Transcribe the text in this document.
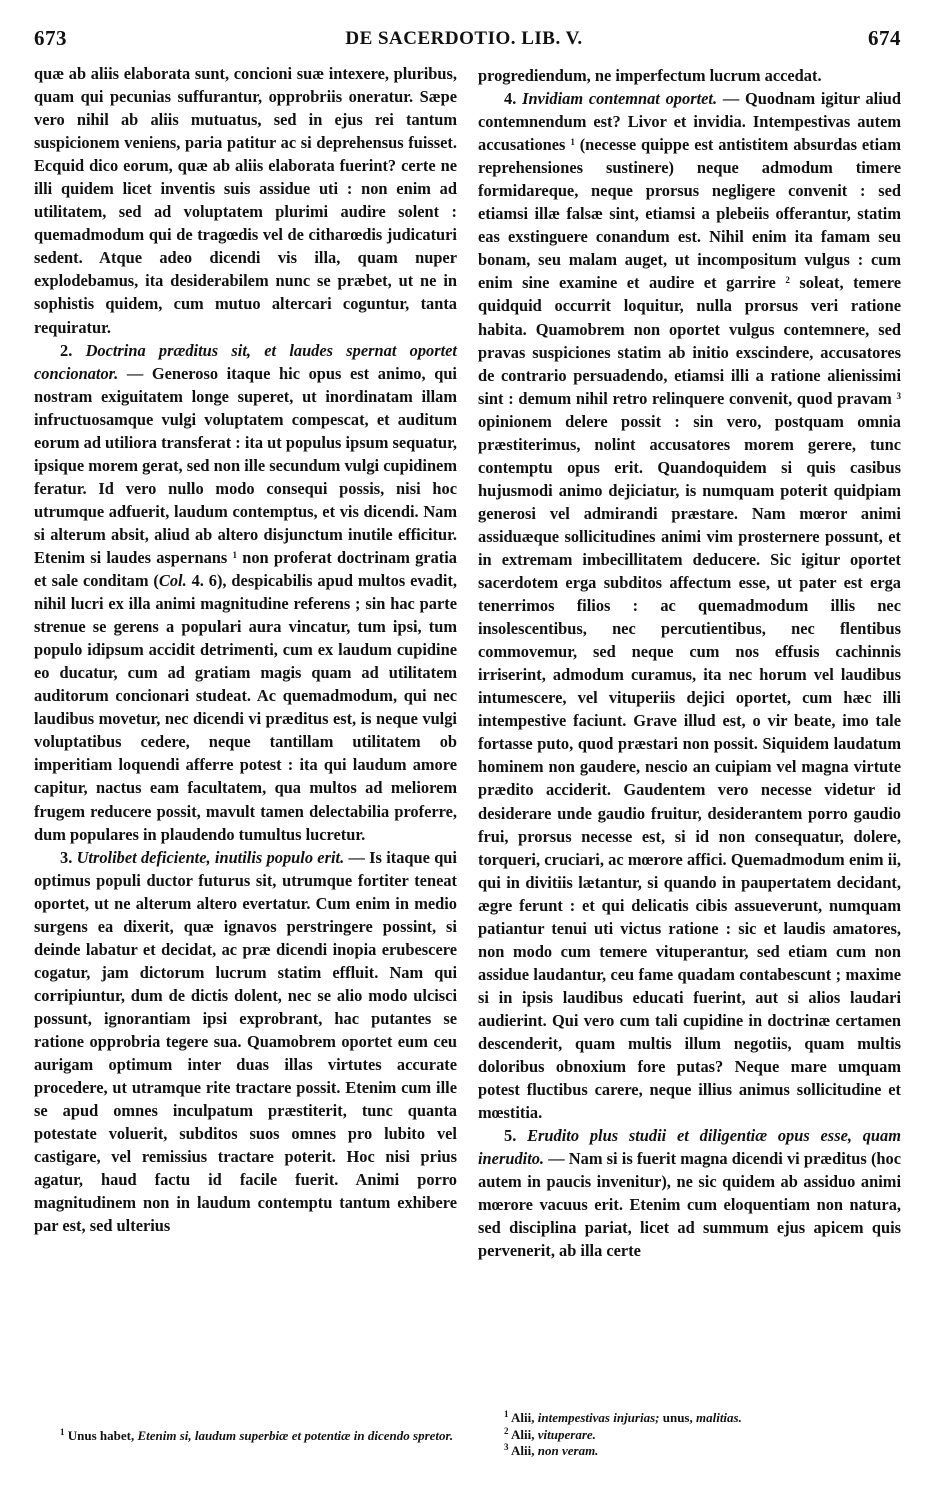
673	DE SACERDOTIO. LIB. V.	674

quæ ab aliis elaborata sunt, concioni suæ intexere, pluribus, quam qui pecunias suffurantur, opprobriis oneratur. Sæpe vero nihil ab aliis mutuatus, sed in ejus rei tantum suspicionem veniens, paria patitur ac si deprehensus fuisset. Ecquid dico eorum, quæ ab aliis elaborata fuerint? certe ne illi quidem licet inventis suis assidue uti : non enim ad utilitatem, sed ad voluptatem plurimi audire solent : quemadmodum qui de tragœdis vel de citharœdis judicaturi sedent. Atque adeo dicendi vis illa, quam nuper explodebamus, ita desiderabilem nunc se præbet, ut ne in sophistis quidem, cum mutuo altercari coguntur, tanta requiratur.

2. Doctrina præditus sit, et laudes spernat oportet concionator. — Generoso itaque hic opus est animo, qui nostram exiguitatem longe superet, ut inordinatam illam infructuosamque vulgi voluptatem compescat, et auditum eorum ad utiliora transferat : ita ut populus ipsum sequatur, ipsique morem gerat, sed non ille secundum vulgi cupidinem feratur. Id vero nullo modo consequi possis, nisi hoc utrumque adfuerit, laudum contemptus, et vis dicendi. Nam si alterum absit, aliud ab altero disjunctum inutile efficitur. Etenim si laudes aspernans $^1$ non proferat doctrinam gratia et sale conditam (Col. 4. 6), despicabilis apud multos evadit, nihil lucri ex illa animi magnitudine referens ; sin hac parte strenue se gerens a populari aura vincatur, tum ipsi, tum populo idipsum accidit detrimenti, cum ex laudum cupidine eo ducatur, cum ad gratiam magis quam ad utilitatem auditorum concionari studeat. Ac quemadmodum, qui nec laudibus movetur, nec dicendi vi præditus est, is neque vulgi voluptatibus cedere, neque tantillam utilitatem ob imperitiam loquendi afferre potest : ita qui laudum amore capitur, nactus eam facultatem, qua multos ad meliorem frugem reducere possit, mavult tamen delectabilia proferre, dum populares in plaudendo tumultus lucretur.

3. Utrolibet deficiente, inutilis populo erit. — Is itaque qui optimus populi ductor futurus sit, utrumque fortiter teneat oportet, ut ne alterum altero evertatur. Cum enim in medio surgens ea dixerit, quæ ignavos perstringere possint, si deinde labatur et decidat, ac præ dicendi inopia erubescere cogatur, jam dictorum lucrum statim effluit. Nam qui corripiuntur, dum de dictis dolent, nec se alio modo ulcisci possunt, ignorantiam ipsi exprobrant, hac putantes se ratione opprobria tegere sua. Quamobrem oportet eum ceu aurigam optimum inter duas illas virtutes accurate procedere, ut utramque rite tractare possit. Etenim cum ille se apud omnes inculpatum præstiterit, tunc quanta potestate voluerit, subditos suos omnes pro lubito vel castigare, vel remissius tractare poterit. Hoc nisi prius agatur, haud factu id facile fuerit. Animi porro magnitudinem non in laudum contemptu tantum exhibere par est, sed ulterius

progrediendum, ne imperfectum lucrum accedat.

4. Invidiam contemnat oportet. — Quodnam igitur aliud contemnendum est? Livor et invidia. Intempestivas autem accusationes $^1$ (necesse quippe est antistitem absurdas etiam reprehensiones sustinere) neque admodum timere formidareque, neque prorsus negligere convenit : sed etiamsi illæ falsæ sint, etiamsi a plebeiis offerantur, statim eas exstinguere conandum est. Nihil enim ita famam seu bonam, seu malam auget, ut incompositum vulgus : cum enim sine examine et audire et garrire $^2$ soleat, temere quidquid occurrit loquitur, nulla prorsus veri ratione habita. Quamobrem non oportet vulgus contemnere, sed pravas suspiciones statim ab initio exscindere, accusatores de contrario persuadendo, etiamsi illi a ratione alienissimi sint : demum nihil retro relinquere convenit, quod pravam $^3$ opinionem delere possit : sin vero, postquam omnia præstiterimus, nolint accusatores morem gerere, tunc contemptu opus erit. Quandoquidem si quis casibus hujusmodi animo dejiciatur, is numquam poterit quidpiam generosi vel admirandi præstare. Nam mœror animi assiduæque sollicitudines animi vim prosternere possunt, et in extremam imbecillitatem deducere. Sic igitur oportet sacerdotem erga subditos affectum esse, ut pater est erga tenerrimos filios : ac quemadmodum illis nec insolescentibus, nec percutientibus, nec flentibus commovemur, sed neque cum nos effusis cachinnis irriserint, admodum curamus, ita nec horum vel laudibus intumescere, vel vituperiis dejici oportet, cum hæc illi intempestive faciunt. Grave illud est, o vir beate, imo tale fortasse puto, quod præstari non possit. Siquidem laudatum hominem non gaudere, nescio an cuipiam vel magna virtute prædito acciderit. Gaudentem vero necesse videtur id desiderare unde gaudio fruitur, desiderantem porro gaudio frui, prorsus necesse est, si id non consequatur, dolere, torqueri, cruciari, ac mœrore affici. Quemadmodum enim ii, qui in divitiis lætantur, si quando in paupertatem decidant, ægre ferunt : et qui delicatis cibis assueverunt, numquam patiantur tenui uti victus ratione : sic et laudis amatores, non modo cum temere vituperantur, sed etiam cum non assidue laudantur, ceu fame quadam contabescunt ; maxime si in ipsis laudibus educati fuerint, aut si alios laudari audierint. Qui vero cum tali cupidine in doctrinæ certamen descenderit, quam multis illum negotiis, quam multis doloribus obnoxium fore putas? Neque mare umquam potest fluctibus carere, neque illius animus sollicitudine et mœstitia.

5. Erudito plus studii et diligentiæ opus esse, quam inerudito. — Nam si is fuerit magna dicendi vi præditus (hoc autem in paucis invenitur), ne sic quidem ab assiduo animi mœrore vacuus erit. Etenim cum eloquentiam non natura, sed disciplina pariat, licet ad summum ejus apicem quis pervenerit, ab illa certe

$^1$ Unus habet, Etenim si, laudum superbiæ et potentiæ in dicendo spretor.
$^1$ Alii, intempestivas injurias; unus, malitias.
$^2$ Alii, vituperare.
$^3$ Alii, non veram.
